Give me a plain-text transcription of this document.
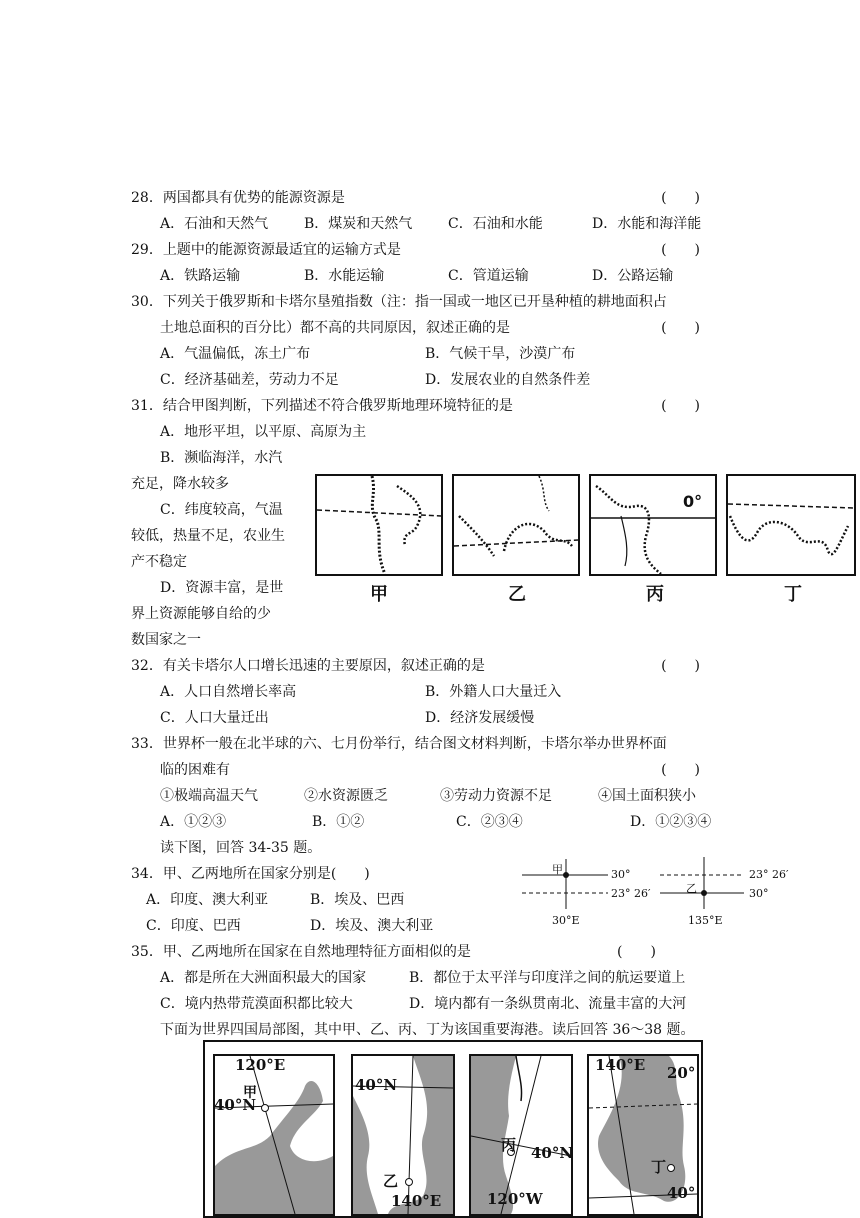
28．两国都具有优势的能源资源是	(　　)
A．石油和天然气	B．煤炭和天然气	C．石油和水能	D．水能和海洋能
29．上题中的能源资源最适宜的运输方式是	(　　)
A．铁路运输	B．水能运输	C．管道运输	D．公路运输
30．下列关于俄罗斯和卡塔尔垦殖指数（注：指一国或一地区已开垦种植的耕地面积占
土地总面积的百分比）都不高的共同原因，叙述正确的是	(　　)
A．气温偏低，冻土广布	B．气候干旱，沙漠广布
C．经济基础差，劳动力不足	D．发展农业的自然条件差
31．结合甲图判断，下列描述不符合俄罗斯地理环境特征的是	(　　)
A．地形平坦，以平原、高原为主
B．濒临海洋，水汽
充足，降水较多
C．纬度较高，气温
较低，热量不足，农业生
产不稳定
D．资源丰富，是世
界上资源能够自给的少
数国家之一
0°
甲	乙	丙	丁
32．有关卡塔尔人口增长迅速的主要原因，叙述正确的是	(　　)
A．人口自然增长率高	B．外籍人口大量迁入
C．人口大量迁出	D．经济发展缓慢
33．世界杯一般在北半球的六、七月份举行，结合图文材料判断，卡塔尔举办世界杯面
临的困难有	(　　)
①极端高温天气	②水资源匮乏	③劳动力资源不足	④国土面积狭小
A．①②③	B．①②	C．②③④	D．①②③④
读下图，回答 34-35 题。
34．甲、乙两地所在国家分别是(　　)
A．印度、澳大利亚	B．埃及、巴西
C．印度、巴西	D．埃及、澳大利亚
甲	30°
23° 26′
30°E
23° 26′
乙	30°
135°E
35．甲、乙两地所在国家在自然地理特征方面相似的是	(　　)
A．都是所在大洲面积最大的国家	B．都位于太平洋与印度洋之间的航运要道上
C．境内热带荒漠面积都比较大	D．境内都有一条纵贯南北、流量丰富的大河
下面为世界四国局部图，其中甲、乙、丙、丁为该国重要海港。读后回答 36～38 题。
120°E
甲
40°N
40°N
乙
140°E
丙 40°N
120°W
140°E 20°
丁
40°
